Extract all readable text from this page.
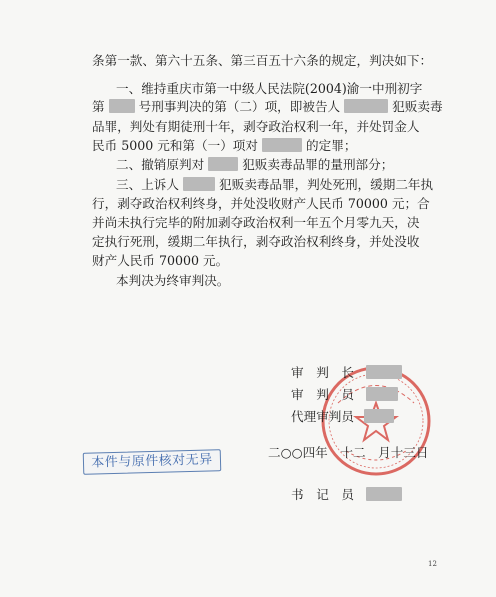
条第一款、第六十五条、第三百五十六条的规定，判决如下：
一、维持重庆市第一中级人民法院(2004)渝一中刑初字
第	号刑事判决的第（二）项，即被告人	犯贩卖毒
品罪，判处有期徒刑十年，剥夺政治权利一年，并处罚金人
民币 5000 元和第（一）项对	的定罪；
二、撤销原判对	犯贩卖毒品罪的量刑部分；
三、上诉人	犯贩卖毒品罪，判处死刑，缓期二年执
行，剥夺政治权利终身，并处没收财产人民币 70000 元；合
并尚未执行完毕的附加剥夺政治权利一年五个月零九天，决
定执行死刑，缓期二年执行，剥夺政治权利终身，并处没收
财产人民币 70000 元。
本判决为终审判决。
审　判　长
审　判　员
代理审判员
二○○四年　十二　月十三日
本件与原件核对无异
书　记　员
12
